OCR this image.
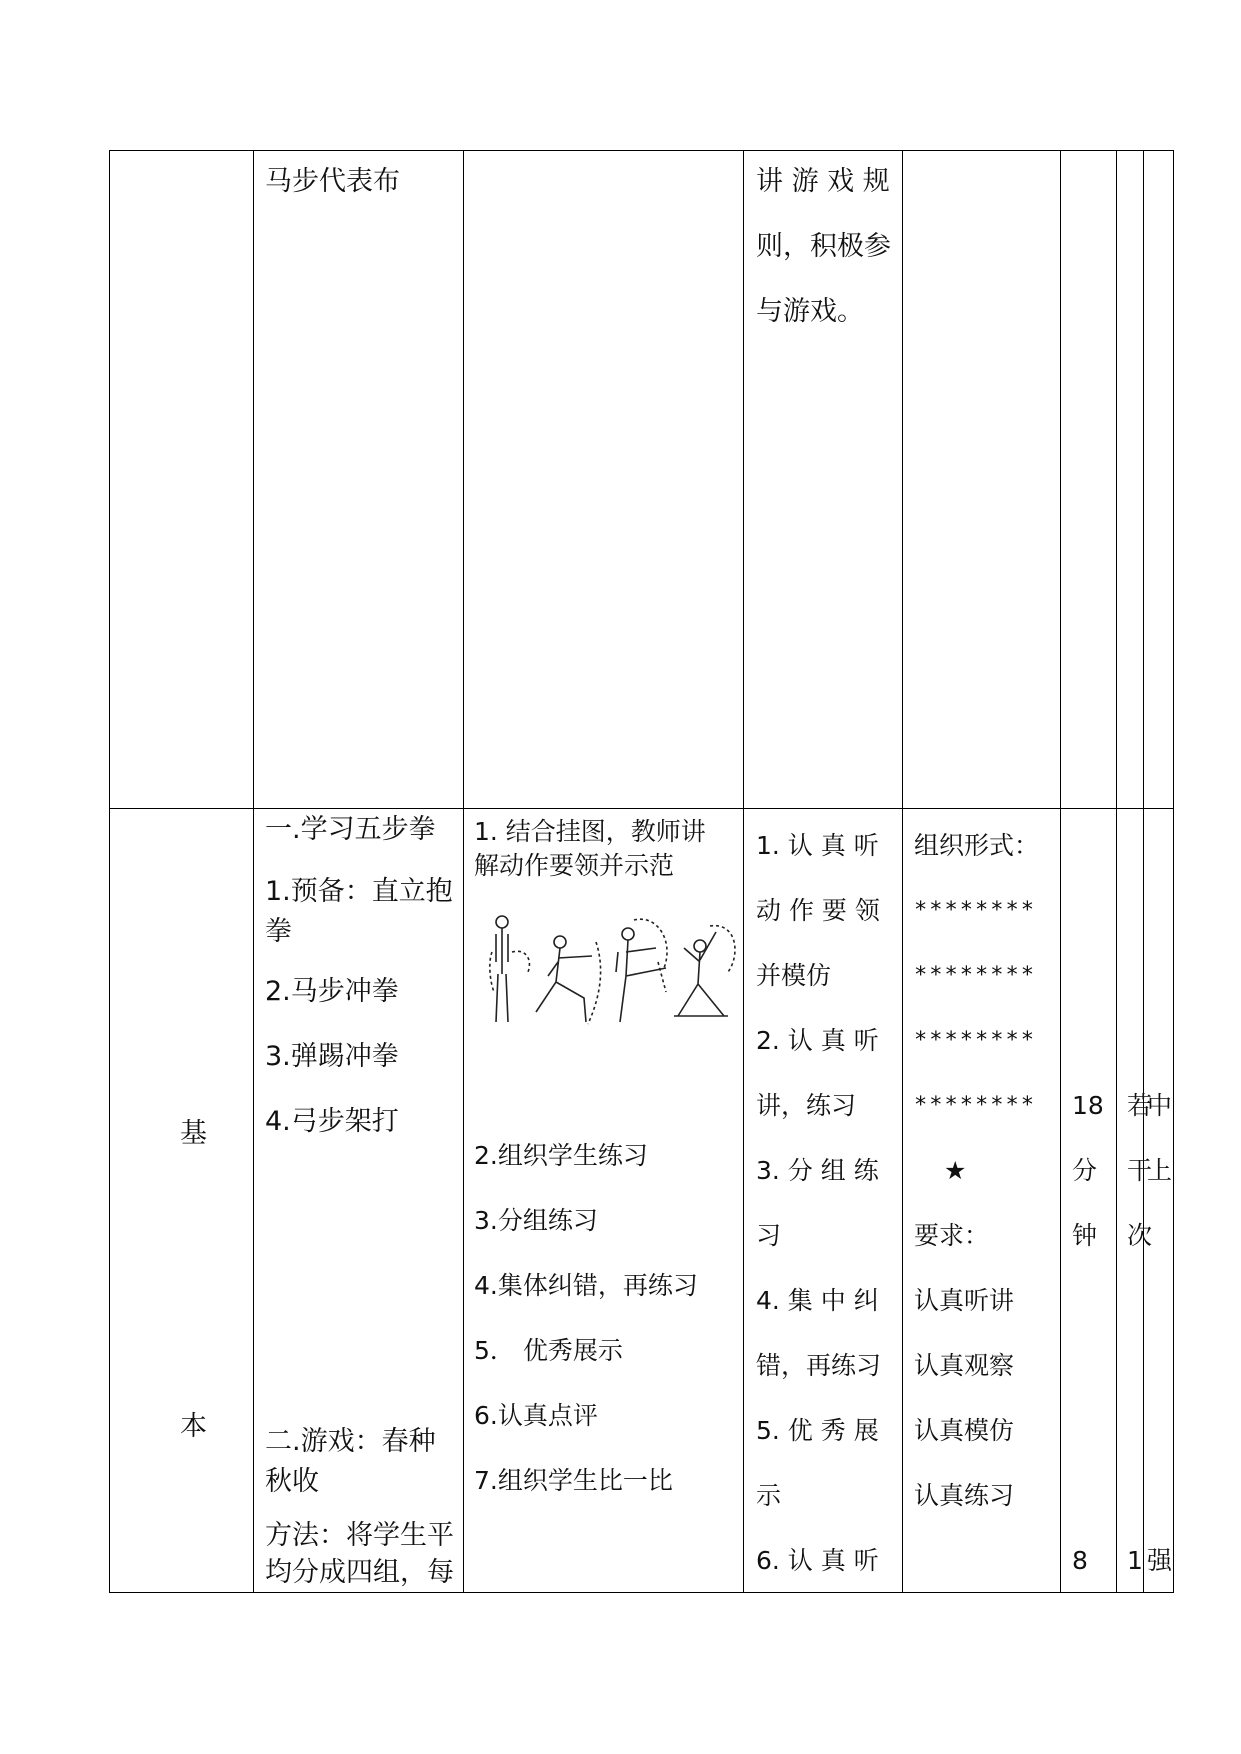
马步代表布	讲 游 戏 规
则，积极参
与游戏。
基
本
一.学习五步拳
1.预备：直立抱
拳
2.马步冲拳
3.弹踢冲拳
4.弓步架打
二.游戏：春种
秋收
方法：将学生平
均分成四组，每
1. 结合挂图，教师讲
解动作要领并示范
2.组织学生练习
3.分组练习
4.集体纠错，再练习
5． 优秀展示
6.认真点评
7.组织学生比一比
1. 认 真 听
动 作 要 领
并模仿
2. 认 真 听
讲，练习
3. 分 组 练
习
4. 集 中 纠
错，再练习
5. 优 秀 展
示
6. 认 真 听
组织形式：
********
********
********
********
★
要求：
认真听讲
认真观察
认真模仿
认真练习
18
分
钟
8
若
干
次
1
中
上
强
